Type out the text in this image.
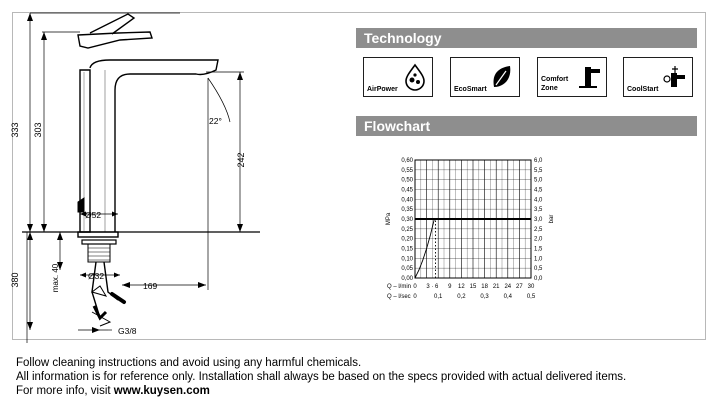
333 303
380	max. 40
242
22°
Ø52
Ø32
169
G3/8
0,60	6,0
0,55	5,5
0,50	5,0
0,45	4,5
0,40	4,0
0,35	3,5
0,30	3,0
0,25	2,5
0,20	2,0
0,15	1,5
0,10	1,0
0,05	0,5
0,00	0,0
MPa	bar
Q – l/min 0 3 · 6 9 12 15 18 21 24 27 30
Q – l/sec 0	0,1 0,2 0,3 0,4 0,5
Technology
AirPower	EcoSmart
Comfort
Zone	CoolStart
Flowchart
Follow cleaning instructions and avoid using any harmful chemicals.
All information is for reference only. Installation shall always be based on the specs provided with actual delivered items.
For more info, visit www.kuysen.com
